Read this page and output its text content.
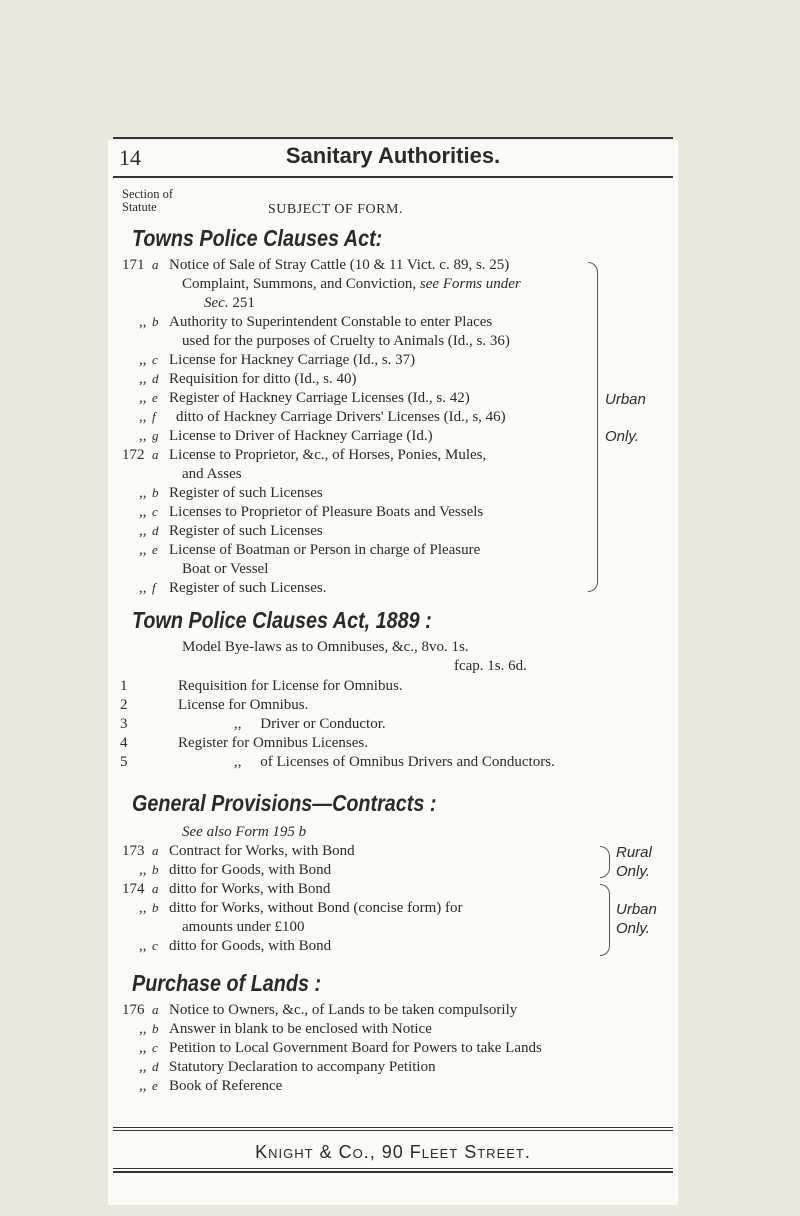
14	Sanitary Authorities.
Section of
Statute	SUBJECT OF FORM.
Towns Police Clauses Act:
171 a Notice of Sale of Stray Cattle (10 & 11 Vict. c. 89, s. 25)
Complaint, Summons, and Conviction, see Forms under
Sec. 251
,, b Authority to Superintendent Constable to enter Places
used for the purposes of Cruelty to Animals (Id., s. 36)
,, c License for Hackney Carriage (Id., s. 37)
,, d Requisition for ditto (Id., s. 40)
,, e Register of Hackney Carriage Licenses (Id., s. 42)
,, f ditto of Hackney Carriage Drivers' Licenses (Id., s, 46)
,, g License to Driver of Hackney Carriage (Id.)
172 a License to Proprietor, &c., of Horses, Ponies, Mules,
and Asses
,, b Register of such Licenses
,, c Licenses to Proprietor of Pleasure Boats and Vessels
,, d Register of such Licenses
,, e License of Boatman or Person in charge of Pleasure
Boat or Vessel
,, f Register of such Licenses.
Urban
Only.
Town Police Clauses Act, 1889 :
Model Bye-laws as to Omnibuses, &c., 8vo. 1s.
fcap. 1s. 6d.
1	Requisition for License for Omnibus.
2	License for Omnibus.
3	,,     Driver or Conductor.
4	Register for Omnibus Licenses.
5	,,     of Licenses of Omnibus Drivers and Conductors.
General Provisions—Contracts :
See also Form 195 b
173 a Contract for Works, with Bond
,, b ditto for Goods, with Bond
174 a ditto for Works, with Bond
,, b ditto for Works, without Bond (concise form) for
amounts under £100
,, c ditto for Goods, with Bond
Rural
Only.
Urban
Only.
Purchase of Lands :
176 a Notice to Owners, &c., of Lands to be taken compulsorily
,, b Answer in blank to be enclosed with Notice
,, c Petition to Local Government Board for Powers to take Lands
,, d Statutory Declaration to accompany Petition
,, e Book of Reference
Knight & Co., 90 Fleet Street.
